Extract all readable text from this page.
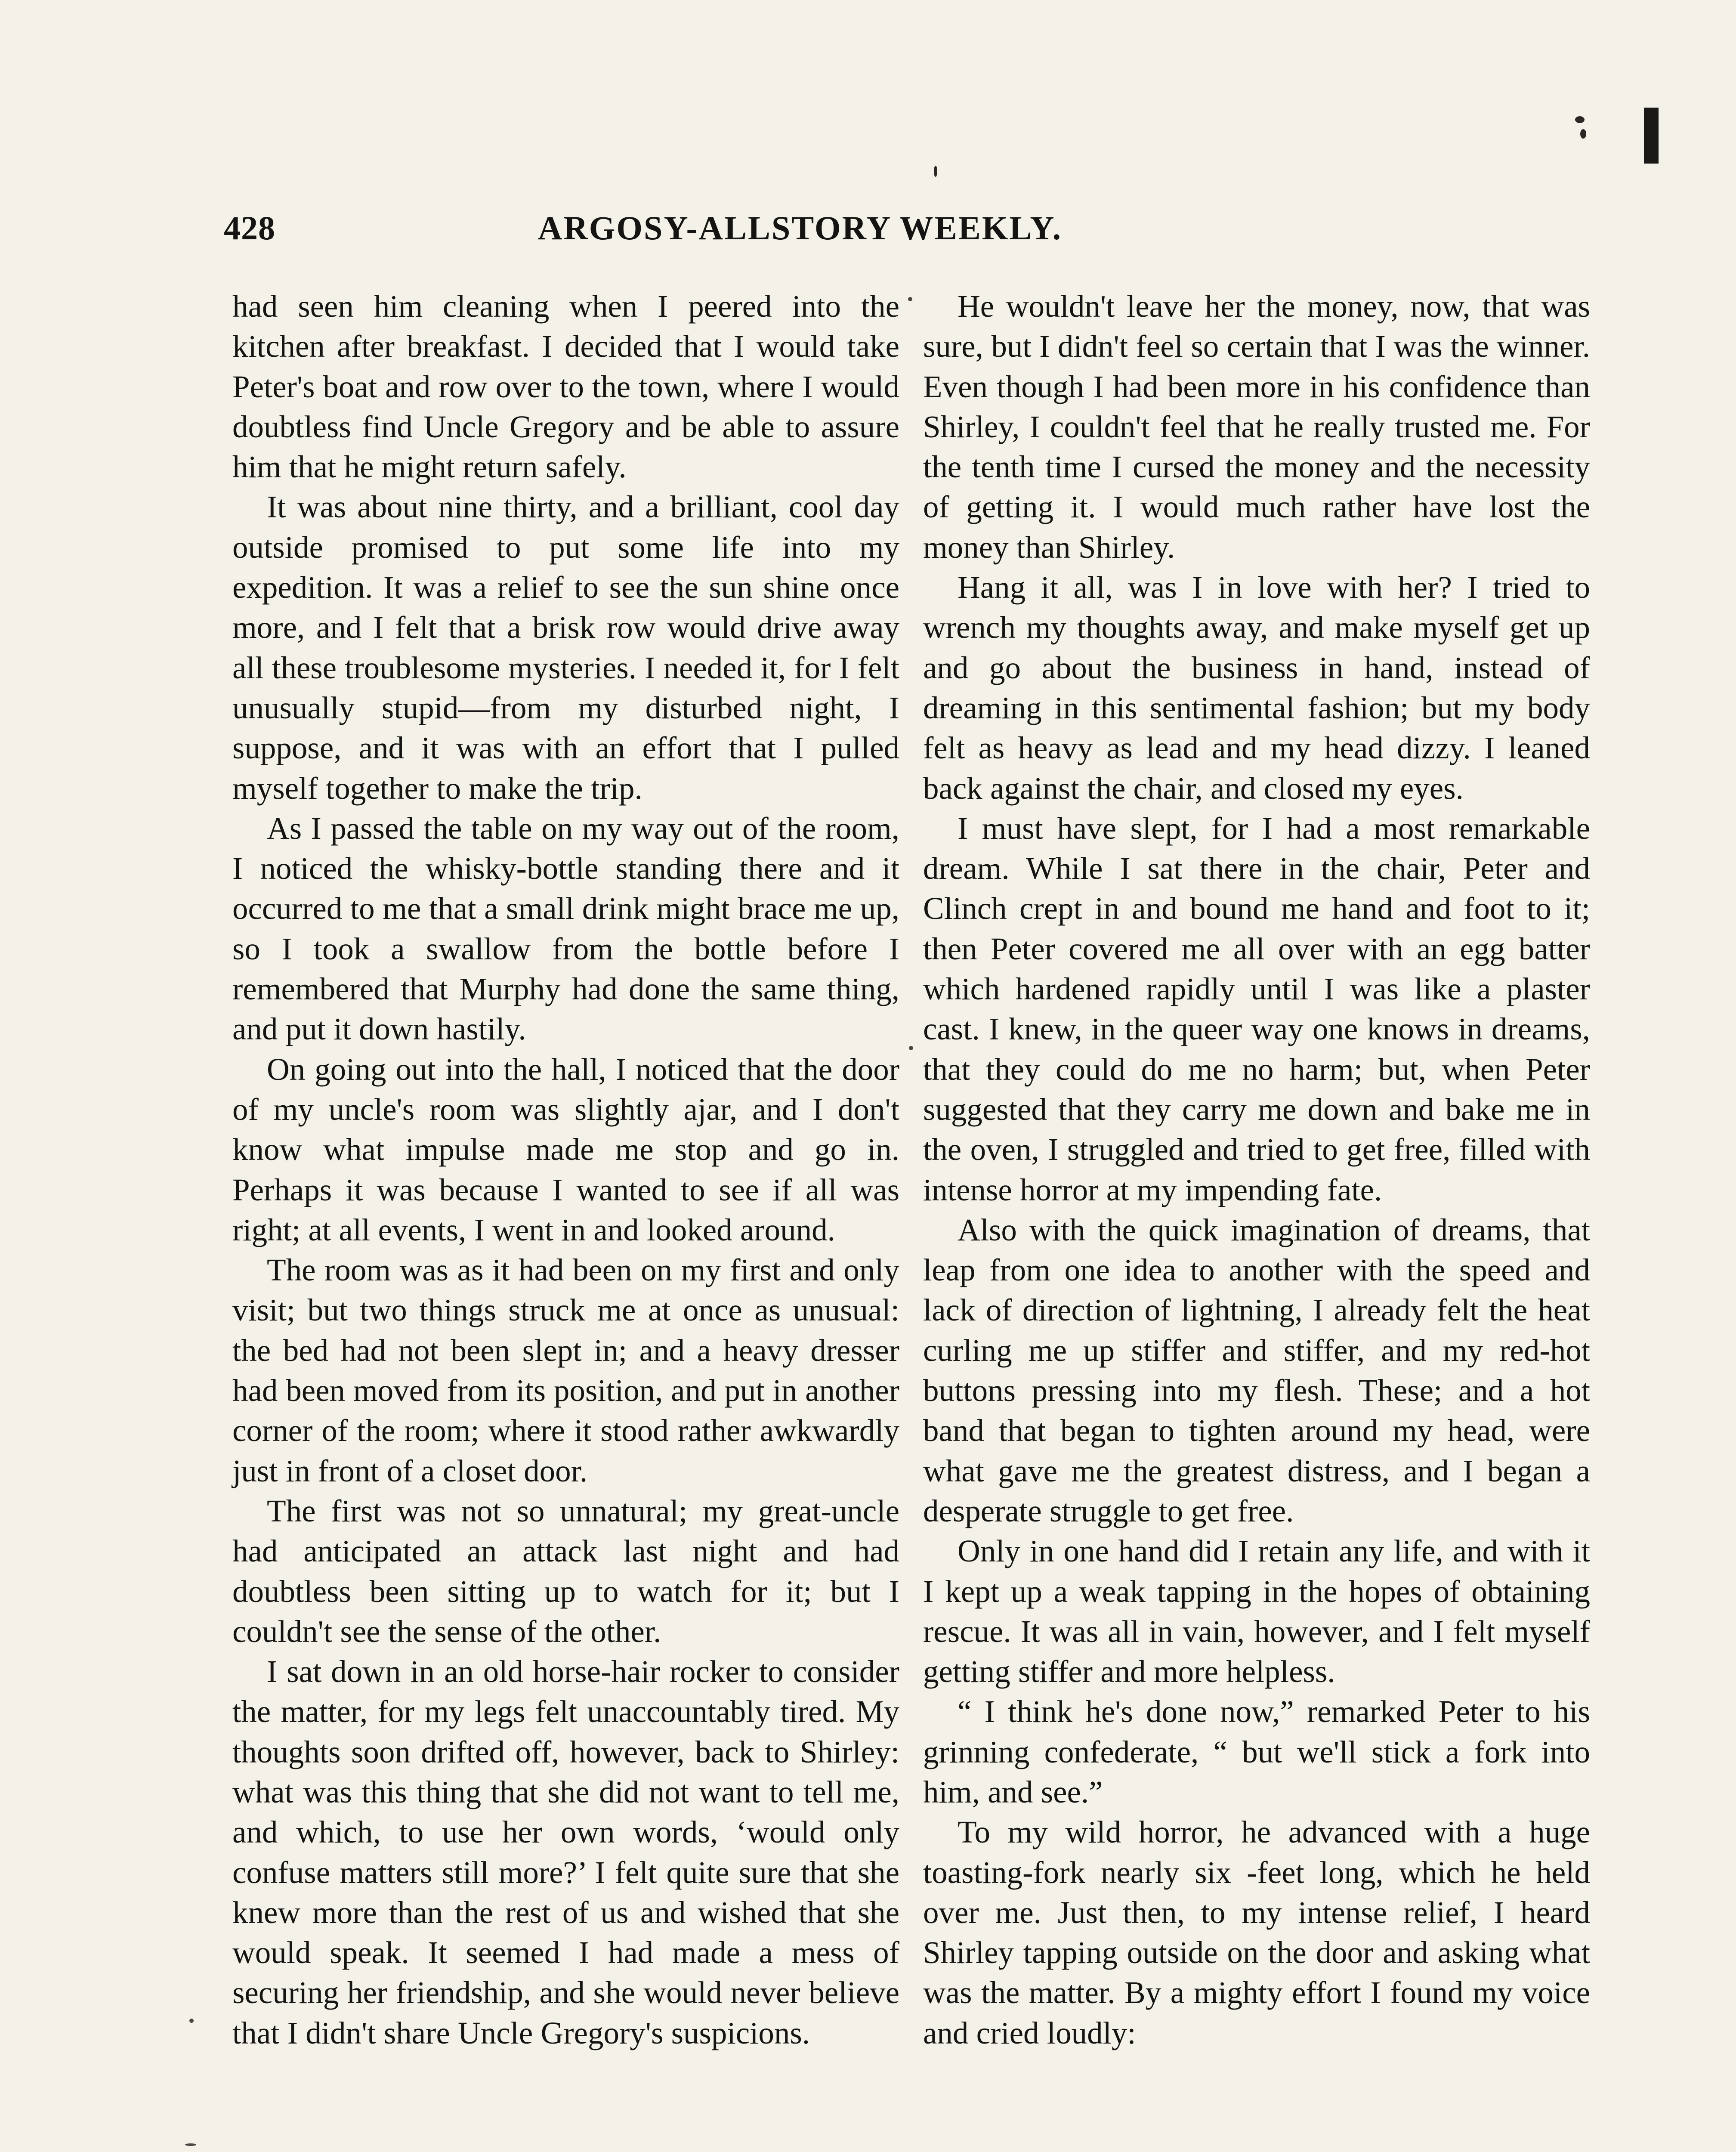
428	ARGOSY-ALLSTORY WEEKLY.

had seen him cleaning when I peered into the kitchen after breakfast. I decided that I would take Peter's boat and row over to the town, where I would doubtless find Uncle Gregory and be able to assure him that he might return safely.

It was about nine thirty, and a brilliant, cool day outside promised to put some life into my expedition. It was a relief to see the sun shine once more, and I felt that a brisk row would drive away all these troublesome mysteries. I needed it, for I felt unusually stupid—from my disturbed night, I suppose, and it was with an effort that I pulled myself together to make the trip.

As I passed the table on my way out of the room, I noticed the whisky-bottle standing there and it occurred to me that a small drink might brace me up, so I took a swallow from the bottle before I remembered that Murphy had done the same thing, and put it down hastily.

On going out into the hall, I noticed that the door of my uncle's room was slightly ajar, and I don't know what impulse made me stop and go in. Perhaps it was because I wanted to see if all was right; at all events, I went in and looked around.

The room was as it had been on my first and only visit; but two things struck me at once as unusual: the bed had not been slept in; and a heavy dresser had been moved from its position, and put in another corner of the room; where it stood rather awkwardly just in front of a closet door.

The first was not so unnatural; my great-uncle had anticipated an attack last night and had doubtless been sitting up to watch for it; but I couldn't see the sense of the other.

I sat down in an old horse-hair rocker to consider the matter, for my legs felt unaccountably tired. My thoughts soon drifted off, however, back to Shirley: what was this thing that she did not want to tell me, and which, to use her own words, ‘would only confuse matters still more?’ I felt quite sure that she knew more than the rest of us and wished that she would speak. It seemed I had made a mess of securing her friendship, and she would never believe that I didn't share Uncle Gregory's suspicions.

He wouldn't leave her the money, now, that was sure, but I didn't feel so certain that I was the winner. Even though I had been more in his confidence than Shirley, I couldn't feel that he really trusted me. For the tenth time I cursed the money and the necessity of getting it. I would much rather have lost the money than Shirley.

Hang it all, was I in love with her? I tried to wrench my thoughts away, and make myself get up and go about the business in hand, instead of dreaming in this sentimental fashion; but my body felt as heavy as lead and my head dizzy. I leaned back against the chair, and closed my eyes.

I must have slept, for I had a most remarkable dream. While I sat there in the chair, Peter and Clinch crept in and bound me hand and foot to it; then Peter covered me all over with an egg batter which hardened rapidly until I was like a plaster cast. I knew, in the queer way one knows in dreams, that they could do me no harm; but, when Peter suggested that they carry me down and bake me in the oven, I struggled and tried to get free, filled with intense horror at my impending fate.

Also with the quick imagination of dreams, that leap from one idea to another with the speed and lack of direction of lightning, I already felt the heat curling me up stiffer and stiffer, and my red-hot buttons pressing into my flesh. These; and a hot band that began to tighten around my head, were what gave me the greatest distress, and I began a desperate struggle to get free.

Only in one hand did I retain any life, and with it I kept up a weak tapping in the hopes of obtaining rescue. It was all in vain, however, and I felt myself getting stiffer and more helpless.

“ I think he's done now,” remarked Peter to his grinning confederate, “ but we'll stick a fork into him, and see.”

To my wild horror, he advanced with a huge toasting-fork nearly six -feet long, which he held over me. Just then, to my intense relief, I heard Shirley tapping outside on the door and asking what was the matter. By a mighty effort I found my voice and cried loudly:
